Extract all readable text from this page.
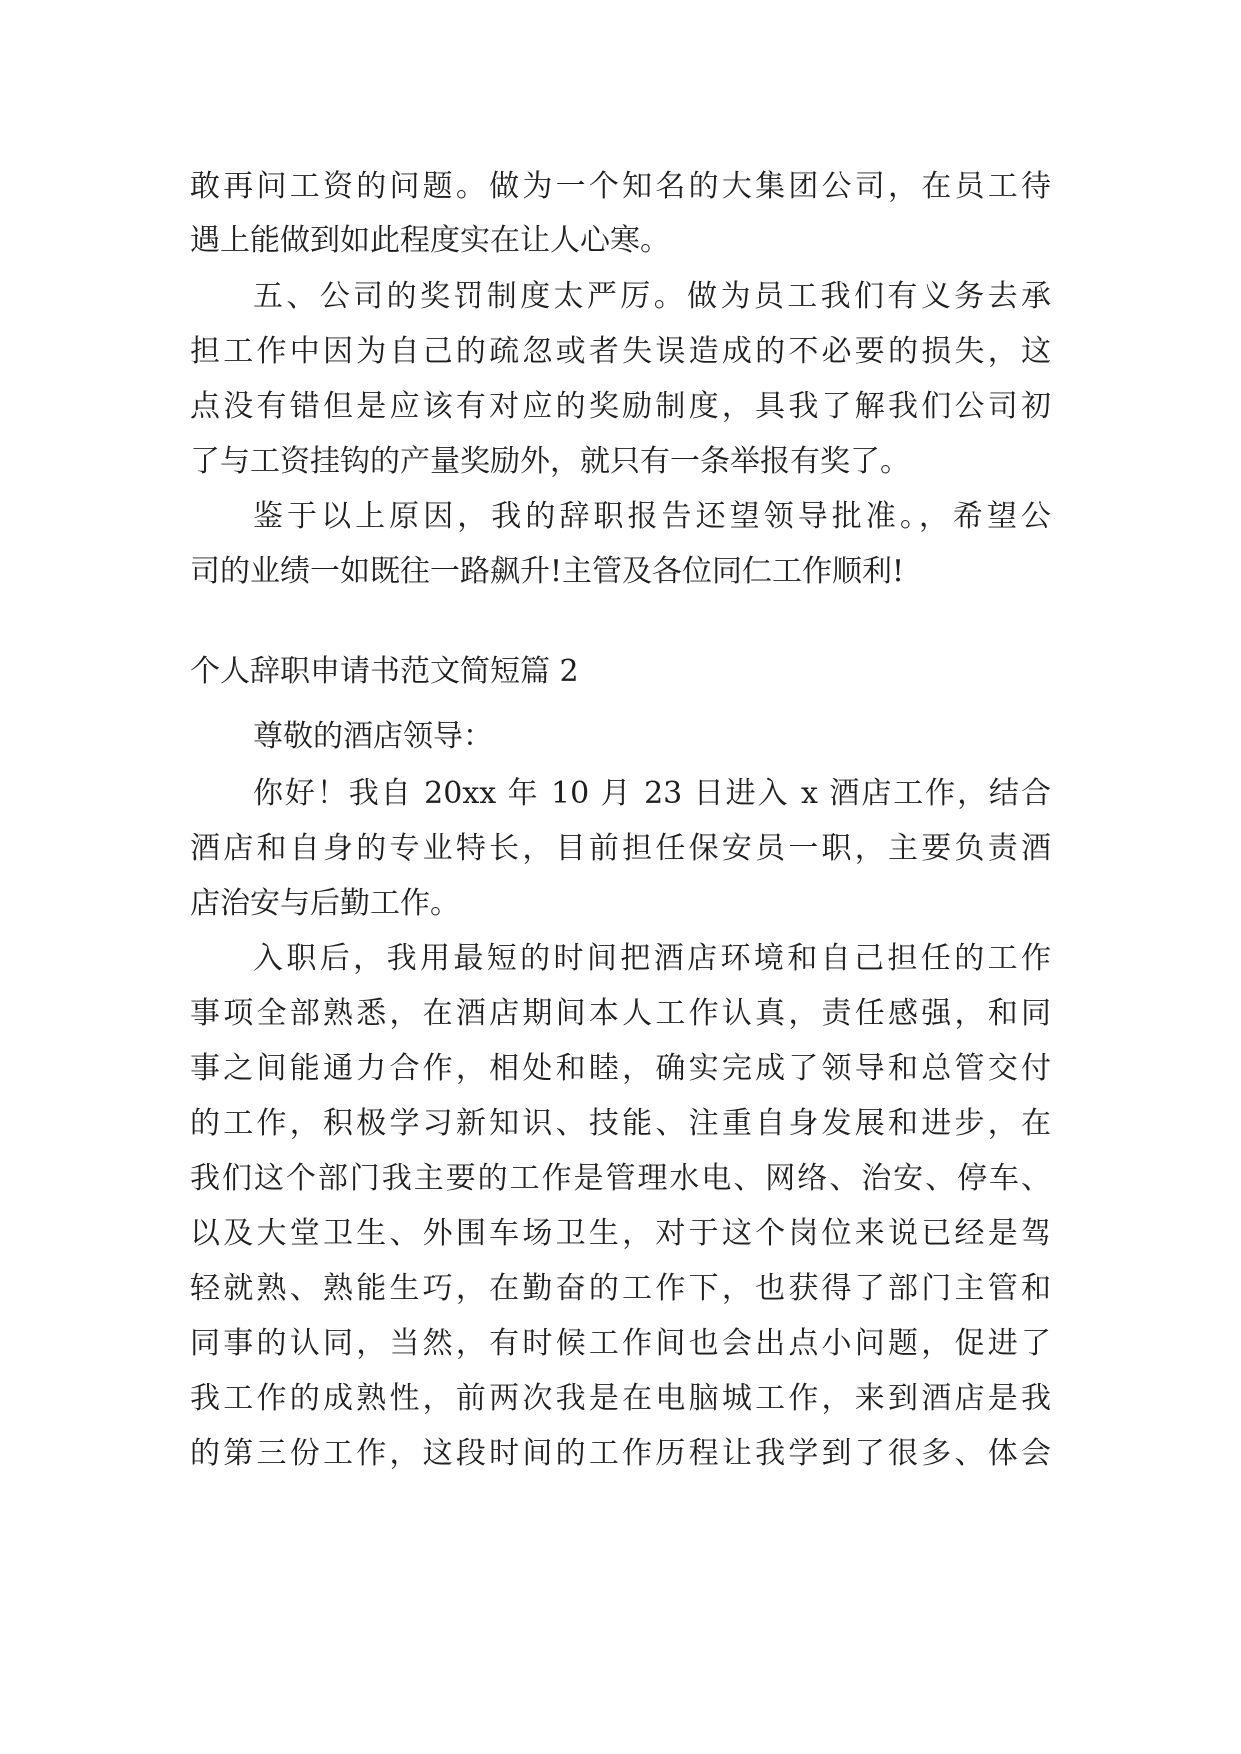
敢再问工资的问题。做为一个知名的大集团公司，在员工待
遇上能做到如此程度实在让人心寒。
五、公司的奖罚制度太严厉。做为员工我们有义务去承
担工作中因为自己的疏忽或者失误造成的不必要的损失，这
点没有错但是应该有对应的奖励制度，具我了解我们公司初
了与工资挂钩的产量奖励外，就只有一条举报有奖了。
鉴于以上原因，我的辞职报告还望领导批准。，希望公
司的业绩一如既往一路飙升!主管及各位同仁工作顺利!
个人辞职申请书范文简短篇 2
尊敬的酒店领导：
你好！我自 20xx 年 10 月 23 日进入 x 酒店工作，结合
酒店和自身的专业特长，目前担任保安员一职，主要负责酒
店治安与后勤工作。
入职后，我用最短的时间把酒店环境和自己担任的工作
事项全部熟悉，在酒店期间本人工作认真，责任感强，和同
事之间能通力合作，相处和睦，确实完成了领导和总管交付
的工作，积极学习新知识、技能、注重自身发展和进步，在
我们这个部门我主要的工作是管理水电、网络、治安、停车、
以及大堂卫生、外围车场卫生，对于这个岗位来说已经是驾
轻就熟、熟能生巧，在勤奋的工作下，也获得了部门主管和
同事的认同，当然，有时候工作间也会出点小问题，促进了
我工作的成熟性，前两次我是在电脑城工作，来到酒店是我
的第三份工作，这段时间的工作历程让我学到了很多、体会
